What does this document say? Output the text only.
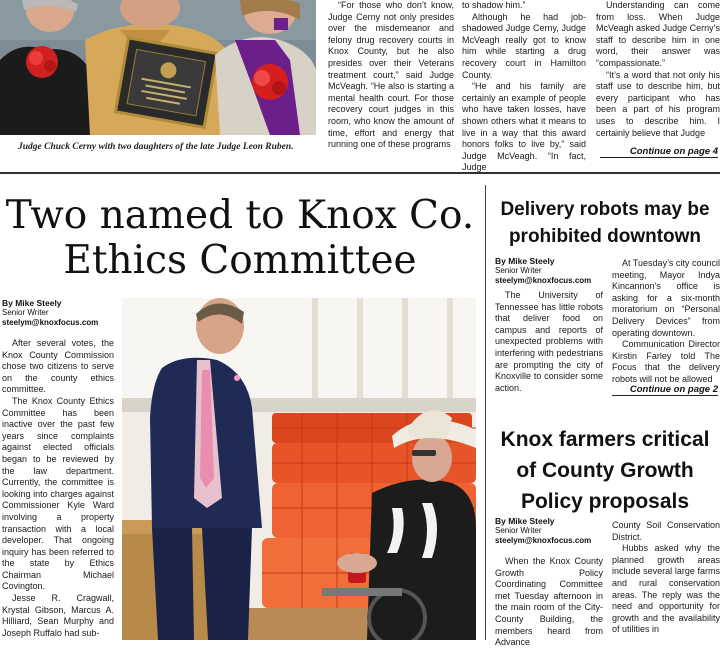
Judge Chuck Cerny with two daughters of the late Judge Leon Ruben.

“For those who don’t know, Judge Cerny not only presides over the misdemeanor and felony drug recovery courts in Knox County, but he also presides over their Veterans treatment court,” said Judge McVeagh. “He also is starting a mental health court. For those recovery court judges in this room, who know the amount of time, effort and energy that running one of these programs

to shadow him.”

Although he had job-shadowed Judge Cerny, Judge McVeagh really got to know him while starting a drug recovery court in Hamilton County.

“He and his family are certainly an example of people who have taken losses, have shown others what it means to live in a way that this award honors folks to live by,” said Judge McVeagh. “In fact, Judge

Understanding can come from loss. When Judge McVeagh asked Judge Cerny’s staff to describe him in one word, their answer was “compassionate.”

“It’s a word that not only his staff use to describe him, but every participant who has been a part of his program uses to describe him. I certainly believe that Judge

Continue on page 4
Two named to Knox Co.
Ethics Committee
By Mike Steely
Senior Writer
steelym@knoxfocus.com

After several votes, the Knox County Commission chose two citizens to serve on the county ethics committee.

The Knox County Ethics Committee has been inactive over the past few years since complaints against elected officials began to be reviewed by the law department. Currently, the committee is looking into charges against Commissioner Kyle Ward involving a property transaction with a local developer. That ongoing inquiry has been referred to the state by Ethics Chairman Michael Covington.

Jesse R. Cragwall, Krystal Gibson, Marcus A. Hilliard, Sean Murphy and Joseph Ruffalo had sub-

Delivery robots may be
prohibited downtown
By Mike Steely
Senior Writer
steelym@knoxfocus.com

The University of Tennessee has little robots that deliver food on campus and reports of unexpected problems with interfering with pedestrians are prompting the city of Knoxville to consider some action.

At Tuesday’s city council meeting, Mayor Indya Kincannon’s office is asking for a six-month moratorium on “Personal Delivery Devices” from operating downtown.

Communication Director Kirstin Farley told The Focus that the delivery robots will not be allowed

Continue on page 2
Knox farmers critical
of County Growth
Policy proposals
By Mike Steely
Senior Writer
steelym@knoxfocus.com

When the Knox County Growth Policy Coordinating Committee met Tuesday afternoon in the main room of the City-County Building, the members heard from Advance

County Soil Conservation District.

Hubbs asked why the planned growth areas include several large farms and rural conservation areas. The reply was the need and opportunity for growth and the availability of utilities in
